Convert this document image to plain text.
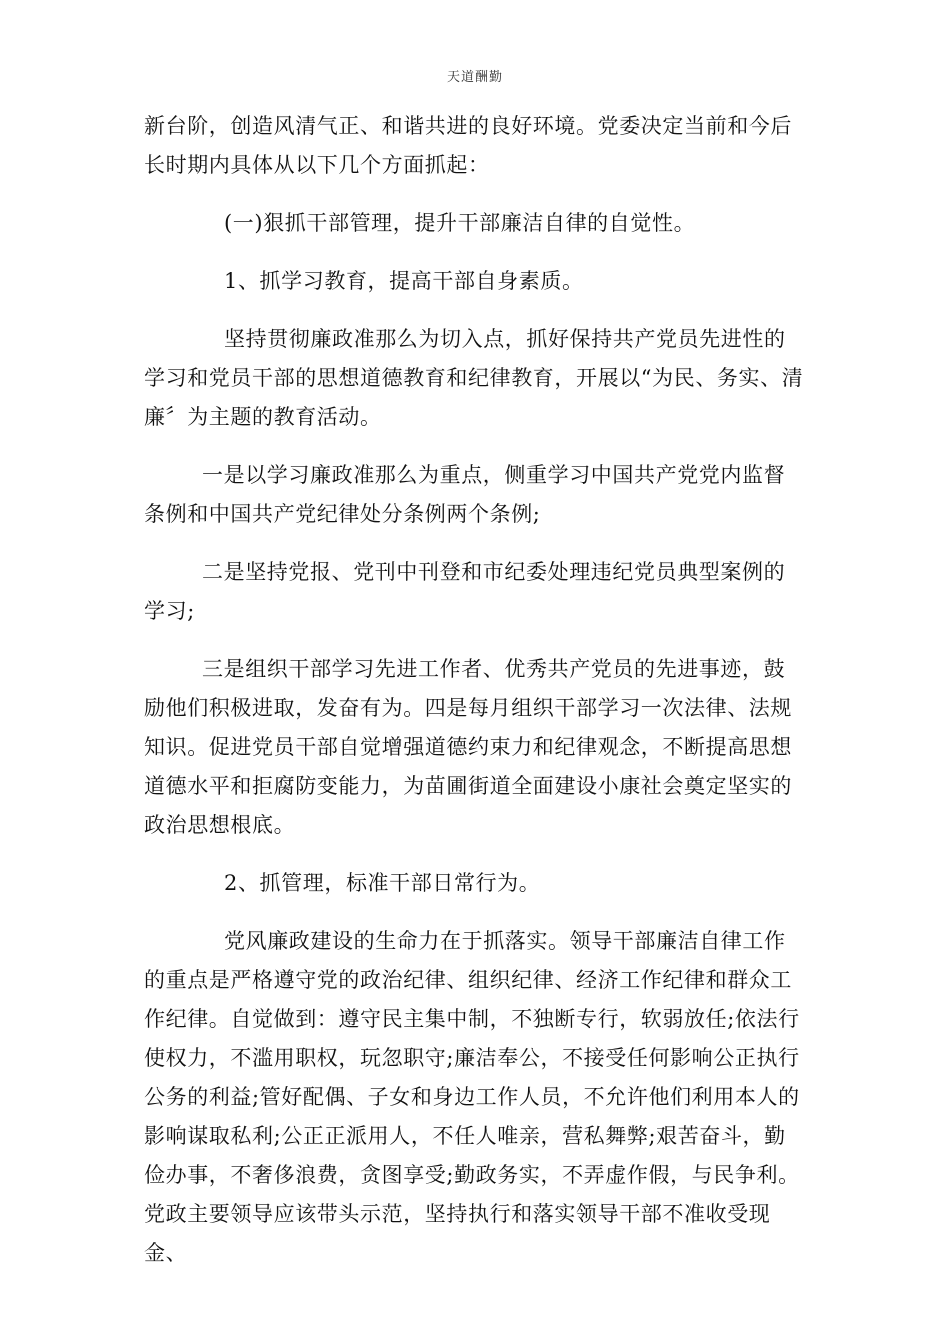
天道酬勤

新台阶，创造风清气正、和谐共进的良好环境。党委决定当前和今后长时期内具体从以下几个方面抓起：

(一)狠抓干部管理，提升干部廉洁自律的自觉性。

1、抓学习教育，提高干部自身素质。

坚持贯彻廉政准那么为切入点，抓好保持共产党员先进性的学习和党员干部的思想道德教育和纪律教育，开展以“为民、务实、清廉〞为主题的教育活动。

一是以学习廉政准那么为重点，侧重学习中国共产党党内监督条例和中国共产党纪律处分条例两个条例;

二是坚持党报、党刊中刊登和市纪委处理违纪党员典型案例的学习;

三是组织干部学习先进工作者、优秀共产党员的先进事迹，鼓励他们积极进取，发奋有为。四是每月组织干部学习一次法律、法规知识。促进党员干部自觉增强道德约束力和纪律观念，不断提高思想道德水平和拒腐防变能力，为苗圃街道全面建设小康社会奠定坚实的政治思想根底。

2、抓管理，标准干部日常行为。

党风廉政建设的生命力在于抓落实。领导干部廉洁自律工作的重点是严格遵守党的政治纪律、组织纪律、经济工作纪律和群众工作纪律。自觉做到：遵守民主集中制，不独断专行，软弱放任;依法行使权力，不滥用职权，玩忽职守;廉洁奉公，不接受任何影响公正执行公务的利益;管好配偶、子女和身边工作人员，不允许他们利用本人的影响谋取私利;公正正派用人，不任人唯亲，营私舞弊;艰苦奋斗，勤俭办事，不奢侈浪费，贪图享受;勤政务实，不弄虚作假，与民争利。党政主要领导应该带头示范，坚持执行和落实领导干部不准收受现金、
